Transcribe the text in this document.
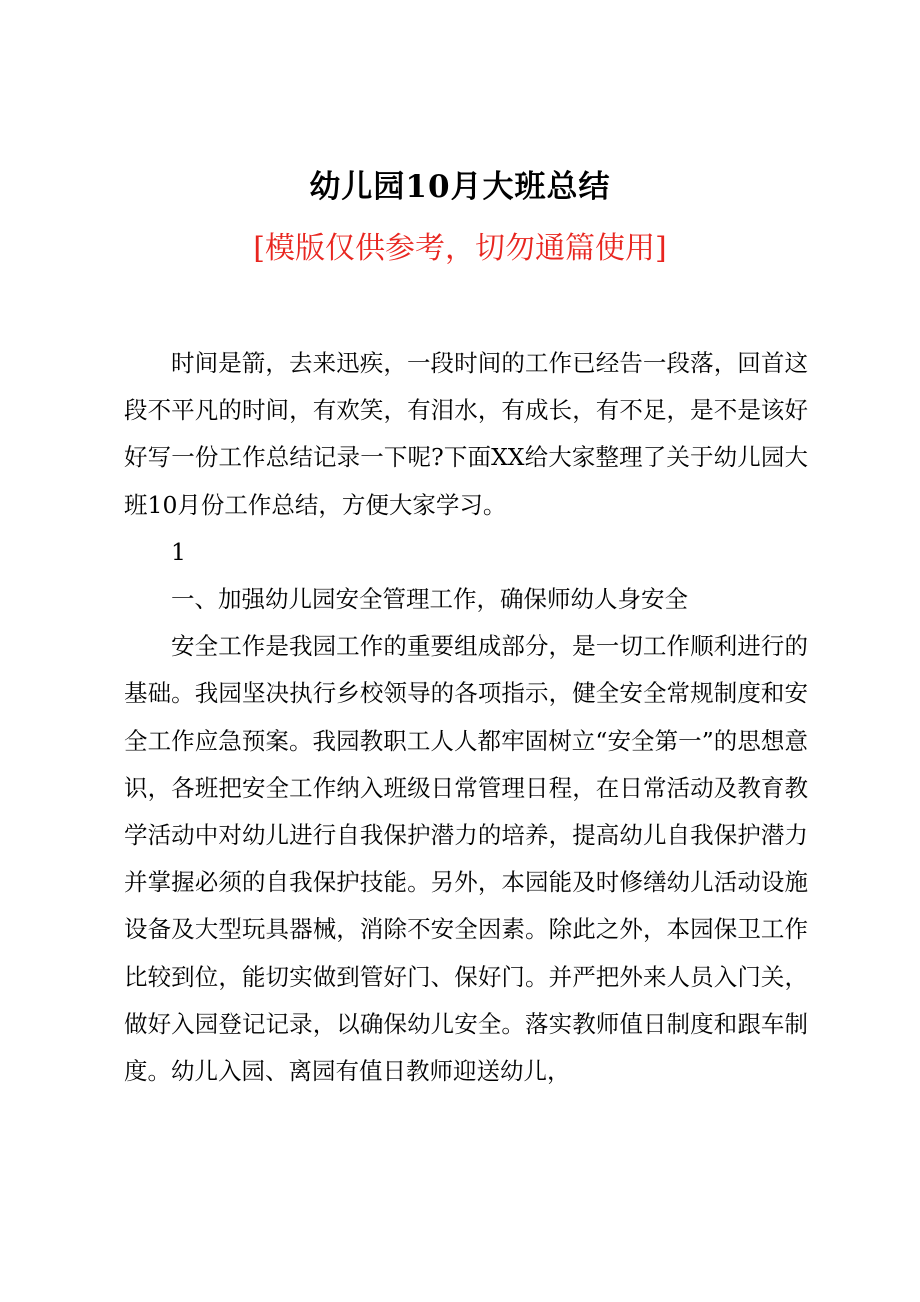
幼儿园10月大班总结
[模版仅供参考，切勿通篇使用]

时间是箭，去来迅疾，一段时间的工作已经告一段落，回首这段不平凡的时间，有欢笑，有泪水，有成长，有不足，是不是该好好写一份工作总结记录一下呢?下面XX给大家整理了关于幼儿园大班10月份工作总结，方便大家学习。

1

一、加强幼儿园安全管理工作，确保师幼人身安全

安全工作是我园工作的重要组成部分，是一切工作顺利进行的基础。我园坚决执行乡校领导的各项指示，健全安全常规制度和安全工作应急预案。我园教职工人人都牢固树立“安全第一”的思想意识，各班把安全工作纳入班级日常管理日程，在日常活动及教育教学活动中对幼儿进行自我保护潜力的培养，提高幼儿自我保护潜力并掌握必须的自我保护技能。另外，本园能及时修缮幼儿活动设施设备及大型玩具器械，消除不安全因素。除此之外，本园保卫工作比较到位，能切实做到管好门、保好门。并严把外来人员入门关，做好入园登记记录，以确保幼儿安全。落实教师值日制度和跟车制度。幼儿入园、离园有值日教师迎送幼儿，
